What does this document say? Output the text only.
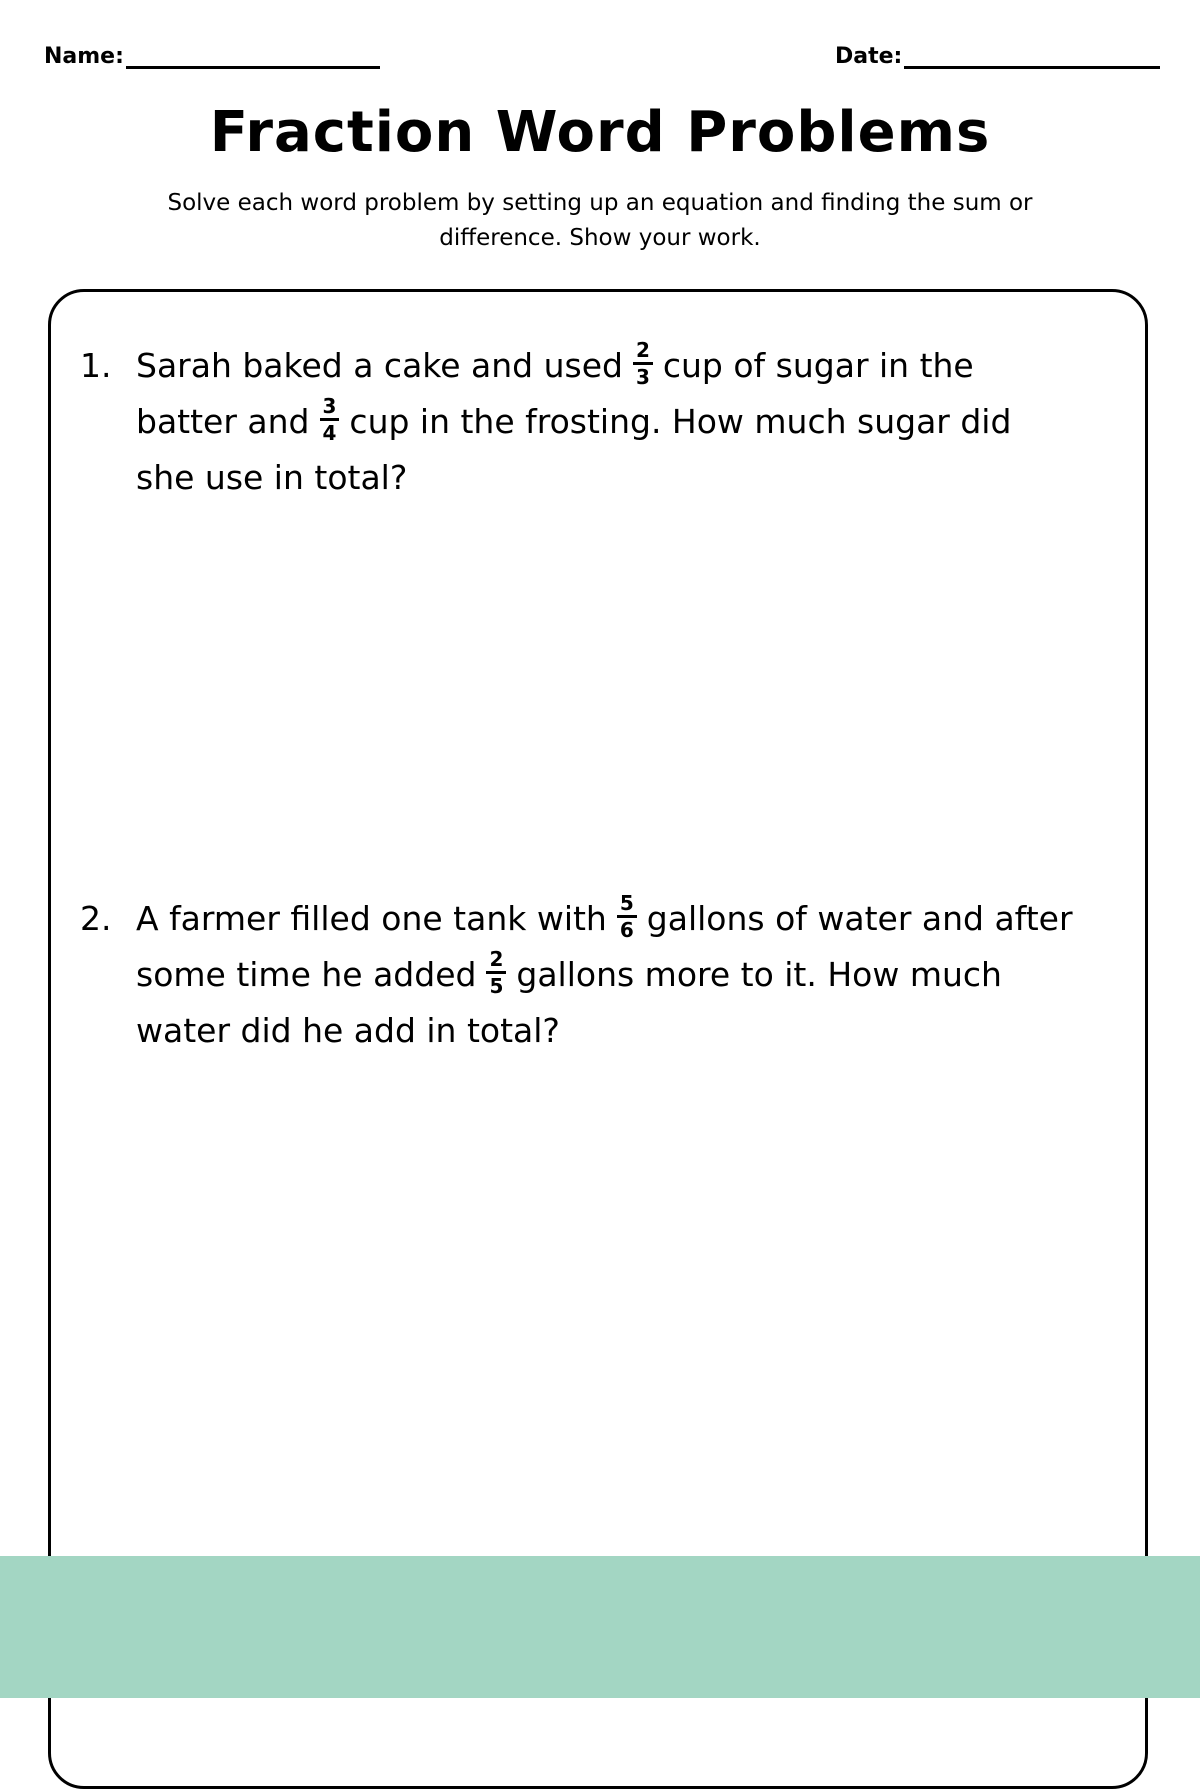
Name:	Date:
Fraction Word Problems
Solve each word problem by setting up an equation and finding the sum or difference. Show your work.
1. Sarah baked a cake and used $\frac{2}{3}$ cup of sugar in the batter and $\frac{3}{4}$ cup in the frosting. How much sugar did she use in total?
2. A farmer filled one tank with $\frac{5}{6}$ gallons of water and after some time he added $\frac{2}{5}$ gallons more to it. How much water did he add in total?
